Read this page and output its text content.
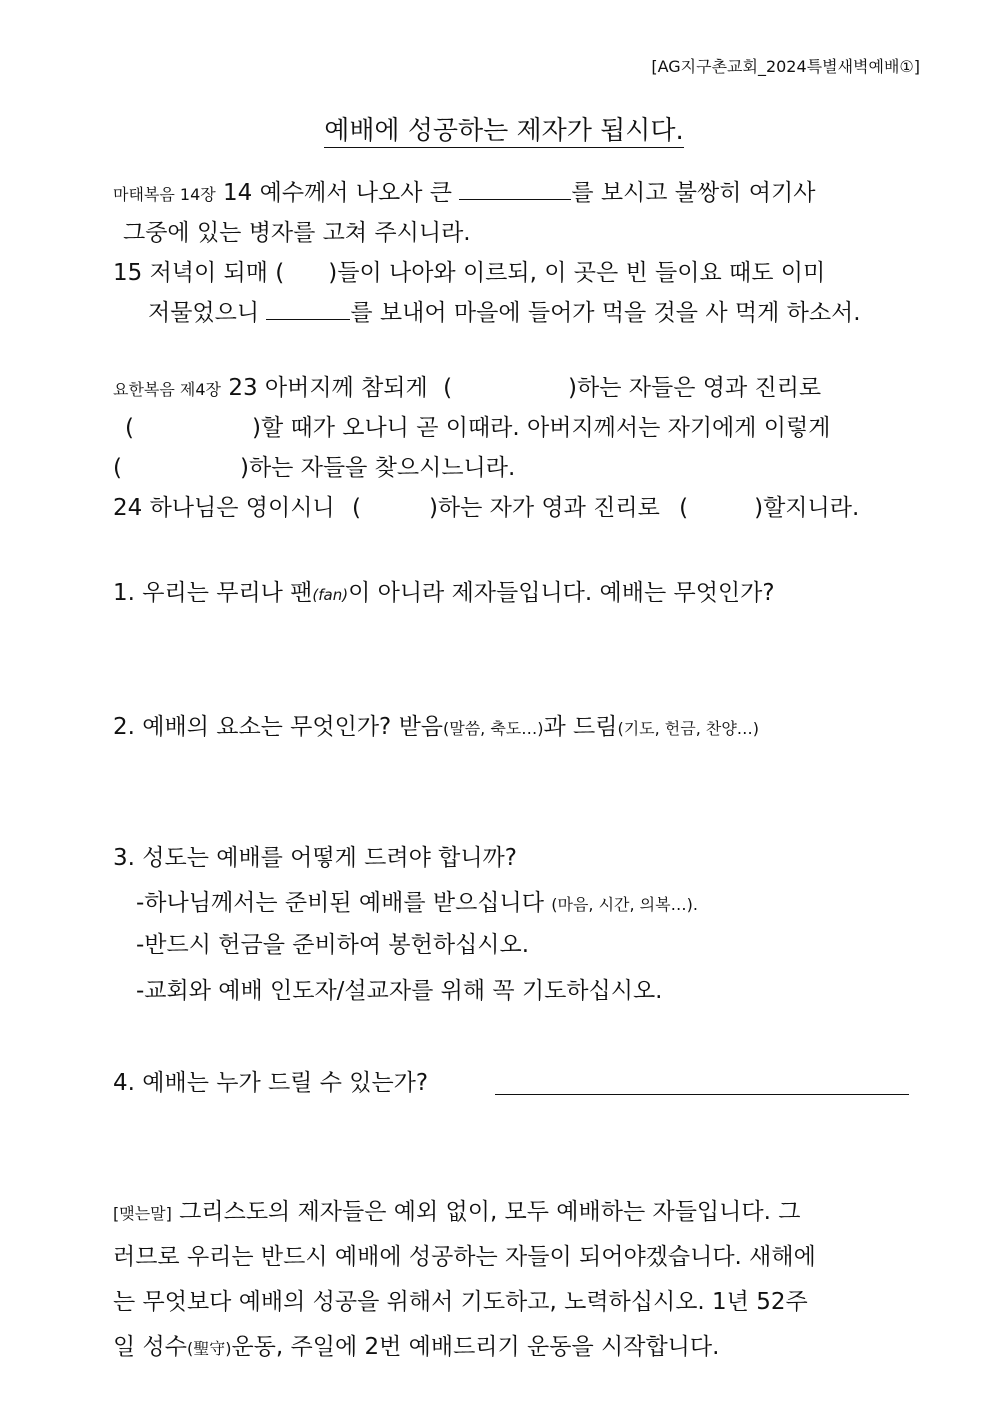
[AG지구촌교회_2024특별새벽예배①]
예배에 성공하는 제자가 됩시다.
마태복음 14장 14 예수께서 나오사 큰	를 보시고 불쌍히 여기사
그중에 있는 병자를 고쳐 주시니라.
15 저녁이 되매 ( )들이 나아와 이르되, 이 곳은 빈 들이요 때도 이미
저물었으니	를 보내어 마을에 들어가 먹을 것을 사 먹게 하소서.
요한복음 제4장 23 아버지께 참되게 (	)하는 자들은 영과 진리로
(	)할 때가 오나니 곧 이때라. 아버지께서는 자기에게 이렇게
(	)하는 자들을 찾으시느니라.
24 하나님은 영이시니 (	)하는 자가 영과 진리로 (	)할지니라.
1. 우리는 무리나 팬(fan)이 아니라 제자들입니다. 예배는 무엇인가?
2. 예배의 요소는 무엇인가? 받음(말씀, 축도…)과 드림(기도, 헌금, 찬양…)
3. 성도는 예배를 어떻게 드려야 합니까?
-하나님께서는 준비된 예배를 받으십니다 (마음, 시간, 의복…).
-반드시 헌금을 준비하여 봉헌하십시오.
-교회와 예배 인도자/설교자를 위해 꼭 기도하십시오.
4. 예배는 누가 드릴 수 있는가?
[맺는말] 그리스도의 제자들은 예외 없이, 모두 예배하는 자들입니다. 그
러므로 우리는 반드시 예배에 성공하는 자들이 되어야겠습니다. 새해에
는 무엇보다 예배의 성공을 위해서 기도하고, 노력하십시오. 1년 52주
일 성수(聖守)운동, 주일에 2번 예배드리기 운동을 시작합니다.
